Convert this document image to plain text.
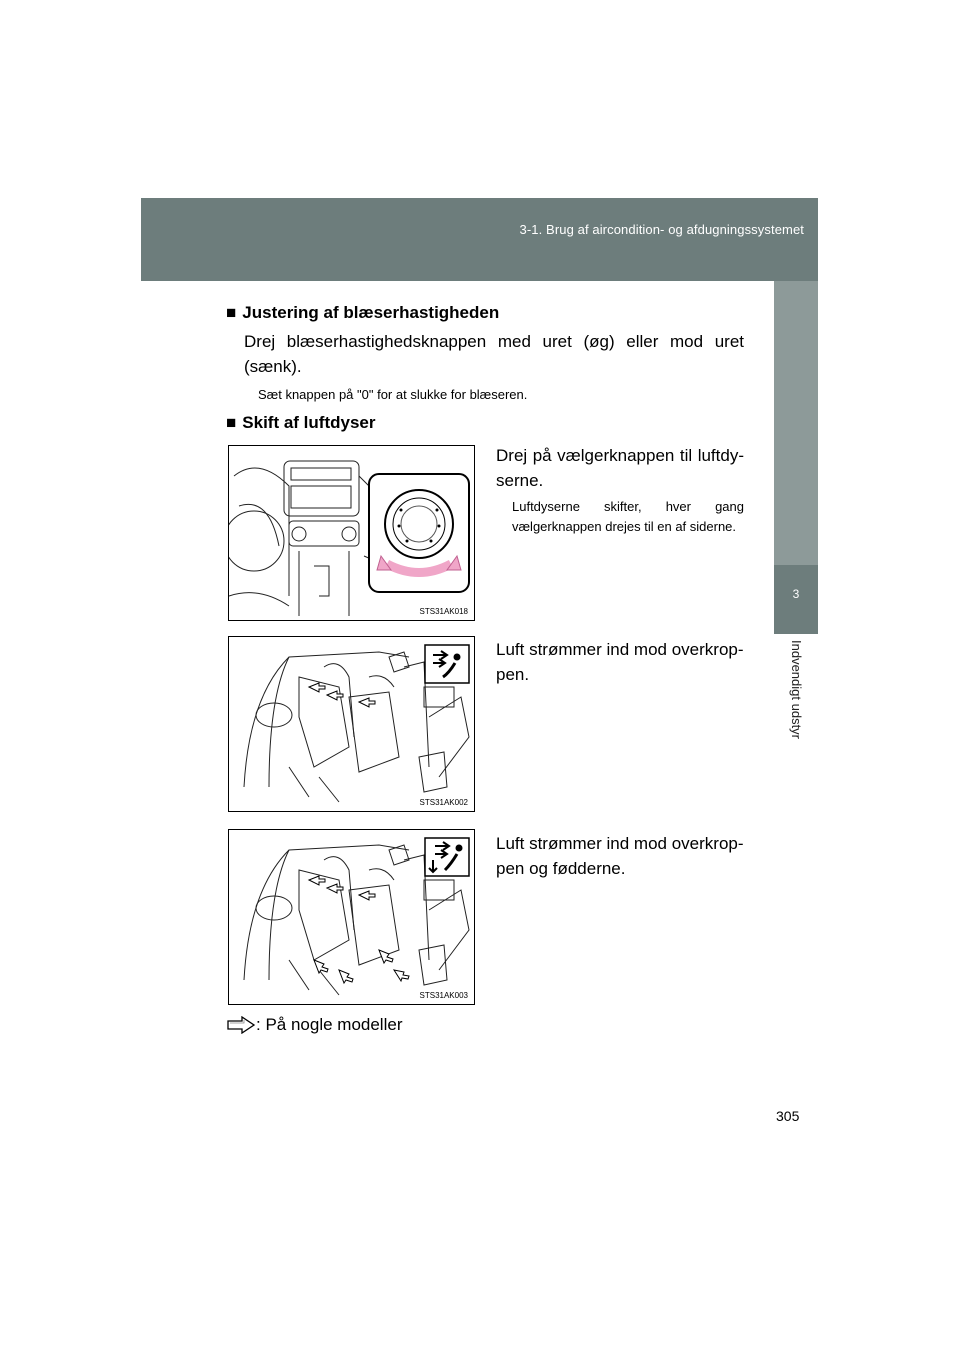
3-1. Brug af aircondition- og afdugningssystemet
3
Indvendigt udstyr
■ Justering af blæserhastigheden
Drej blæserhastighedsknappen med uret (øg) eller mod uret (sænk).
Sæt knappen på "0" for at slukke for blæseren.
■ Skift af luftdyser
Drej på vælgerknappen til luftdy-serne.
Luftdyserne skifter, hver gang vælgerknappen drejes til en af siderne.
STS31AK018
STS31AK002
Luft strømmer ind mod overkrop-pen.
STS31AK003
Luft strømmer ind mod overkrop-pen og fødderne.
: På nogle modeller
305
